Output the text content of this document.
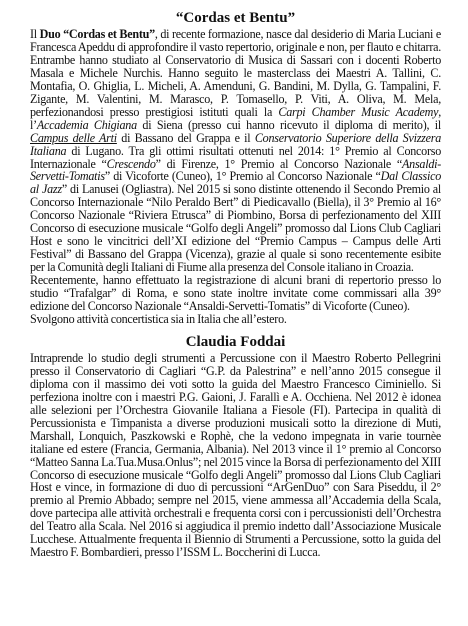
“Cordas et Bentu”

Il Duo “Cordas et Bentu”, di recente formazione, nasce dal desiderio di Maria Luciani e Francesca Apeddu di approfondire il vasto repertorio, originale e non, per flauto e chitarra. Entrambe hanno studiato al Conservatorio di Musica di Sassari con i docenti Roberto Masala e Michele Nurchis. Hanno seguito le masterclass dei Maestri A. Tallini, C. Montafia, O. Ghiglia, L. Micheli, A. Amenduni, G. Bandini, M. Dylla, G. Tampalini, F. Zigante, M. Valentini, M. Marasco, P. Tomasello, P. Viti, A. Oliva, M. Mela, perfezionandosi presso prestigiosi istituti quali la Carpi Chamber Music Academy, l’Accademia Chigiana di Siena (presso cui hanno ricevuto il diploma di merito), il Campus delle Arti di Bassano del Grappa e il Conservatorio Superiore della Svizzera Italiana di Lugano. Tra gli ottimi risultati ottenuti nel 2014: 1° Premio al Concorso Internazionale “Crescendo” di Firenze, 1° Premio al Concorso Nazionale “Ansaldi-Servetti-Tomatis” di Vicoforte (Cuneo), 1° Premio al Concorso Nazionale “Dal Classico al Jazz” di Lanusei (Ogliastra). Nel 2015 si sono distinte ottenendo il Secondo Premio al Concorso Internazionale “Nilo Peraldo Bert” di Piedicavallo (Biella), il 3° Premio al 16° Concorso Nazionale “Riviera Etrusca” di Piombino, Borsa di perfezionamento del XIII Concorso di esecuzione musicale “Golfo degli Angeli” promosso dal Lions Club Cagliari Host e sono le vincitrici dell’XI edizione del “Premio Campus – Campus delle Arti Festival” di Bassano del Grappa (Vicenza), grazie al quale si sono recentemente esibite per la Comunità degli Italiani di Fiume alla presenza del Console italiano in Croazia.

Recentemente, hanno effettuato la registrazione di alcuni brani di repertorio presso lo studio “Trafalgar” di Roma, e sono state inoltre invitate come commissari alla 39° edizione del Concorso Nazionale “Ansaldi-Servetti-Tomatis” di Vicoforte (Cuneo).

Svolgono attività concertistica sia in Italia che all’estero.

Claudia Foddai

Intraprende lo studio degli strumenti a Percussione con il Maestro Roberto Pellegrini presso il Conservatorio di Cagliari “G.P. da Palestrina” e nell’anno 2015 consegue il diploma con il massimo dei voti sotto la guida del Maestro Francesco Ciminiello. Si perfeziona inoltre con i maestri P.G. Gaioni, J. Farallì e A. Occhiena. Nel 2012 è idonea alle selezioni per l’Orchestra Giovanile Italiana a Fiesole (FI). Partecipa in qualità di Percussionista e Timpanista a diverse produzioni musicali sotto la direzione di Muti, Marshall, Lonquich, Paszkowski e Rophè, che la vedono impegnata in varie tournèe italiane ed estere (Francia, Germania, Albania). Nel 2013 vince il 1° premio al Concorso “Matteo Sanna La.Tua.Musa.Onlus”; nel 2015 vince la Borsa di perfezionamento del XIII Concorso di esecuzione musicale “Golfo degli Angeli” promosso dal Lions Club Cagliari Host e vince, in formazione di duo di percussioni “ArGenDuo” con Sara Piseddu, il 2° premio al Premio Abbado; sempre nel 2015, viene ammessa all’Accademia della Scala, dove partecipa alle attività orchestrali e frequenta corsi con i percussionisti dell’Orchestra del Teatro alla Scala. Nel 2016 si aggiudica il premio indetto dall’Associazione Musicale Lucchese. Attualmente frequenta il Biennio di Strumenti a Percussione, sotto la guida del Maestro F. Bombardieri, presso l’ISSM L. Boccherini di Lucca.
